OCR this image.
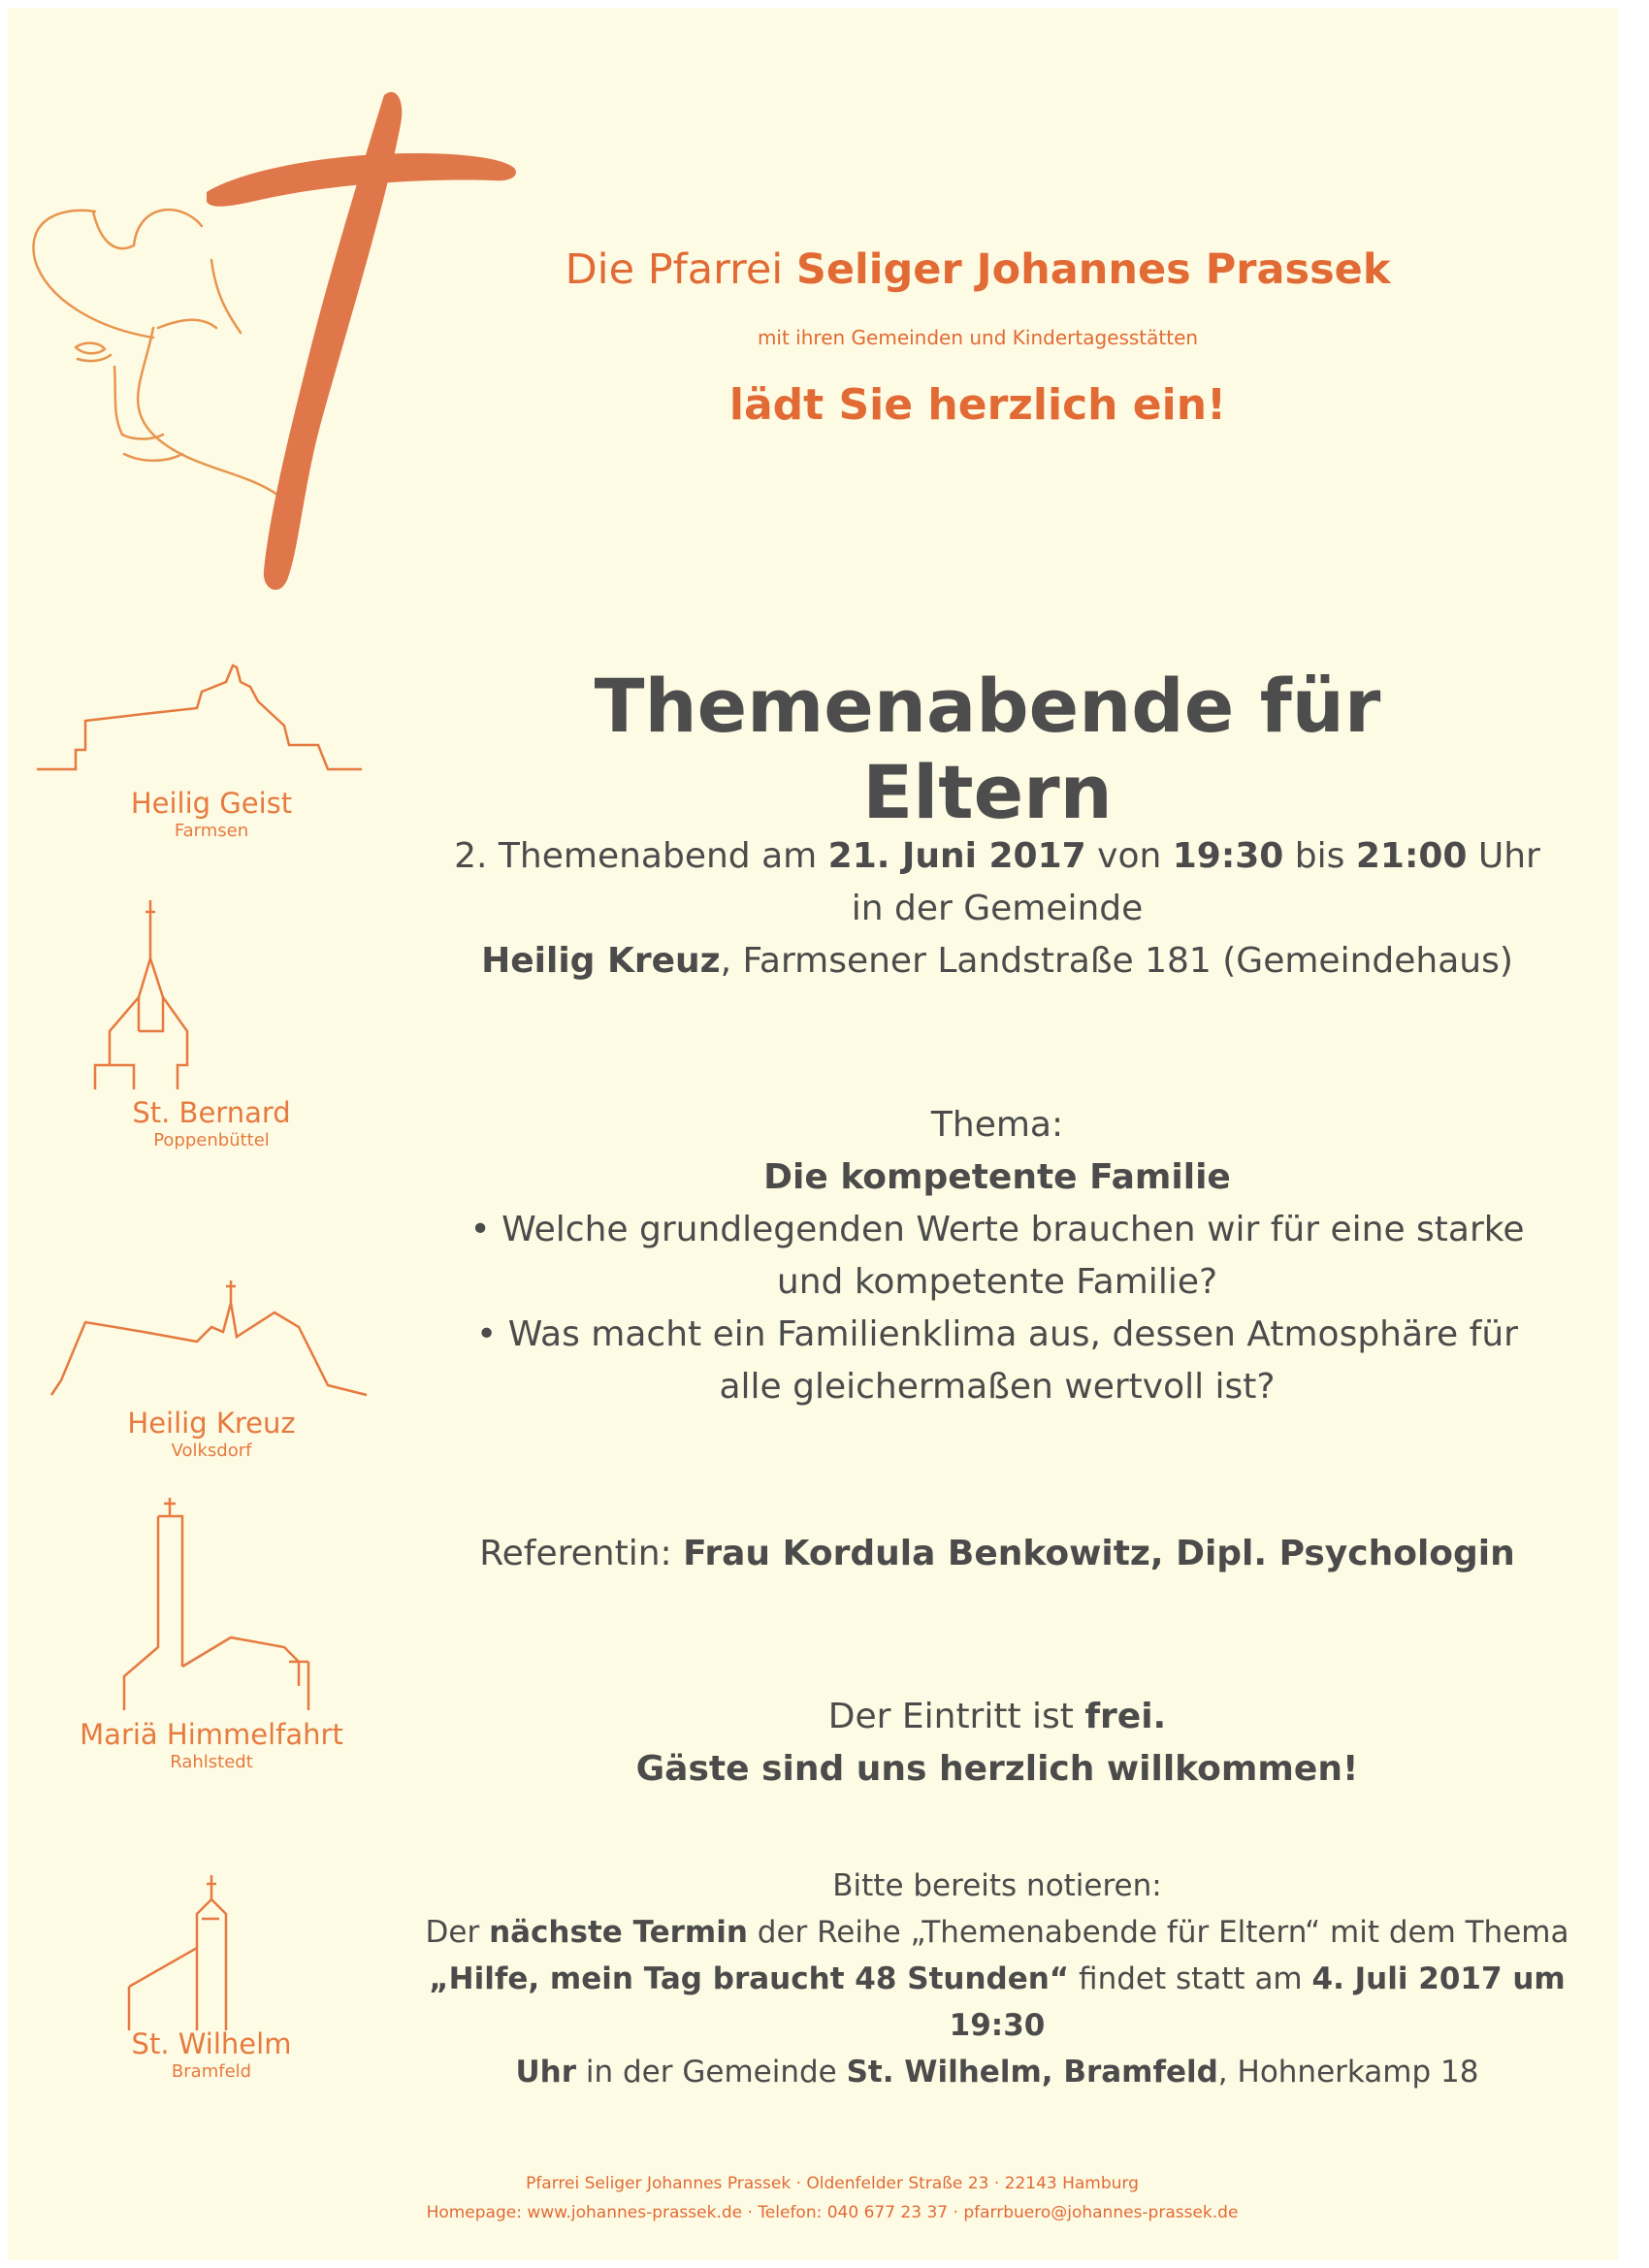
Die Pfarrei Seliger Johannes Prassek
mit ihren Gemeinden und Kindertagesstätten
lädt Sie herzlich ein!
Themenabende für Eltern
2. Themenabend am 21. Juni 2017 von 19:30 bis 21:00 Uhr
in der Gemeinde
Heilig Kreuz, Farmsener Landstraße 181 (Gemeindehaus)
Thema:
Die kompetente Familie
• Welche grundlegenden Werte brauchen wir für eine starke
und kompetente Familie?
• Was macht ein Familienklima aus, dessen Atmosphäre für
alle gleichermaßen wertvoll ist?
Referentin: Frau Kordula Benkowitz, Dipl. Psychologin
Der Eintritt ist frei.
Gäste sind uns herzlich willkommen!
Bitte bereits notieren:
Der nächste Termin der Reihe „Themenabende für Eltern“ mit dem Thema
„Hilfe, mein Tag braucht 48 Stunden“ findet statt am 4. Juli 2017 um 19:30
Uhr in der Gemeinde St. Wilhelm, Bramfeld, Hohnerkamp 18
Heilig Geist
Farmsen
St. Bernard
Poppenbüttel
Heilig Kreuz
Volksdorf
Mariä Himmelfahrt
Rahlstedt
St. Wilhelm
Bramfeld
Pfarrei Seliger Johannes Prassek · Oldenfelder Straße 23 · 22143 Hamburg
Homepage: www.johannes-prassek.de · Telefon: 040 677 23 37 · pfarrbuero@johannes-prassek.de
